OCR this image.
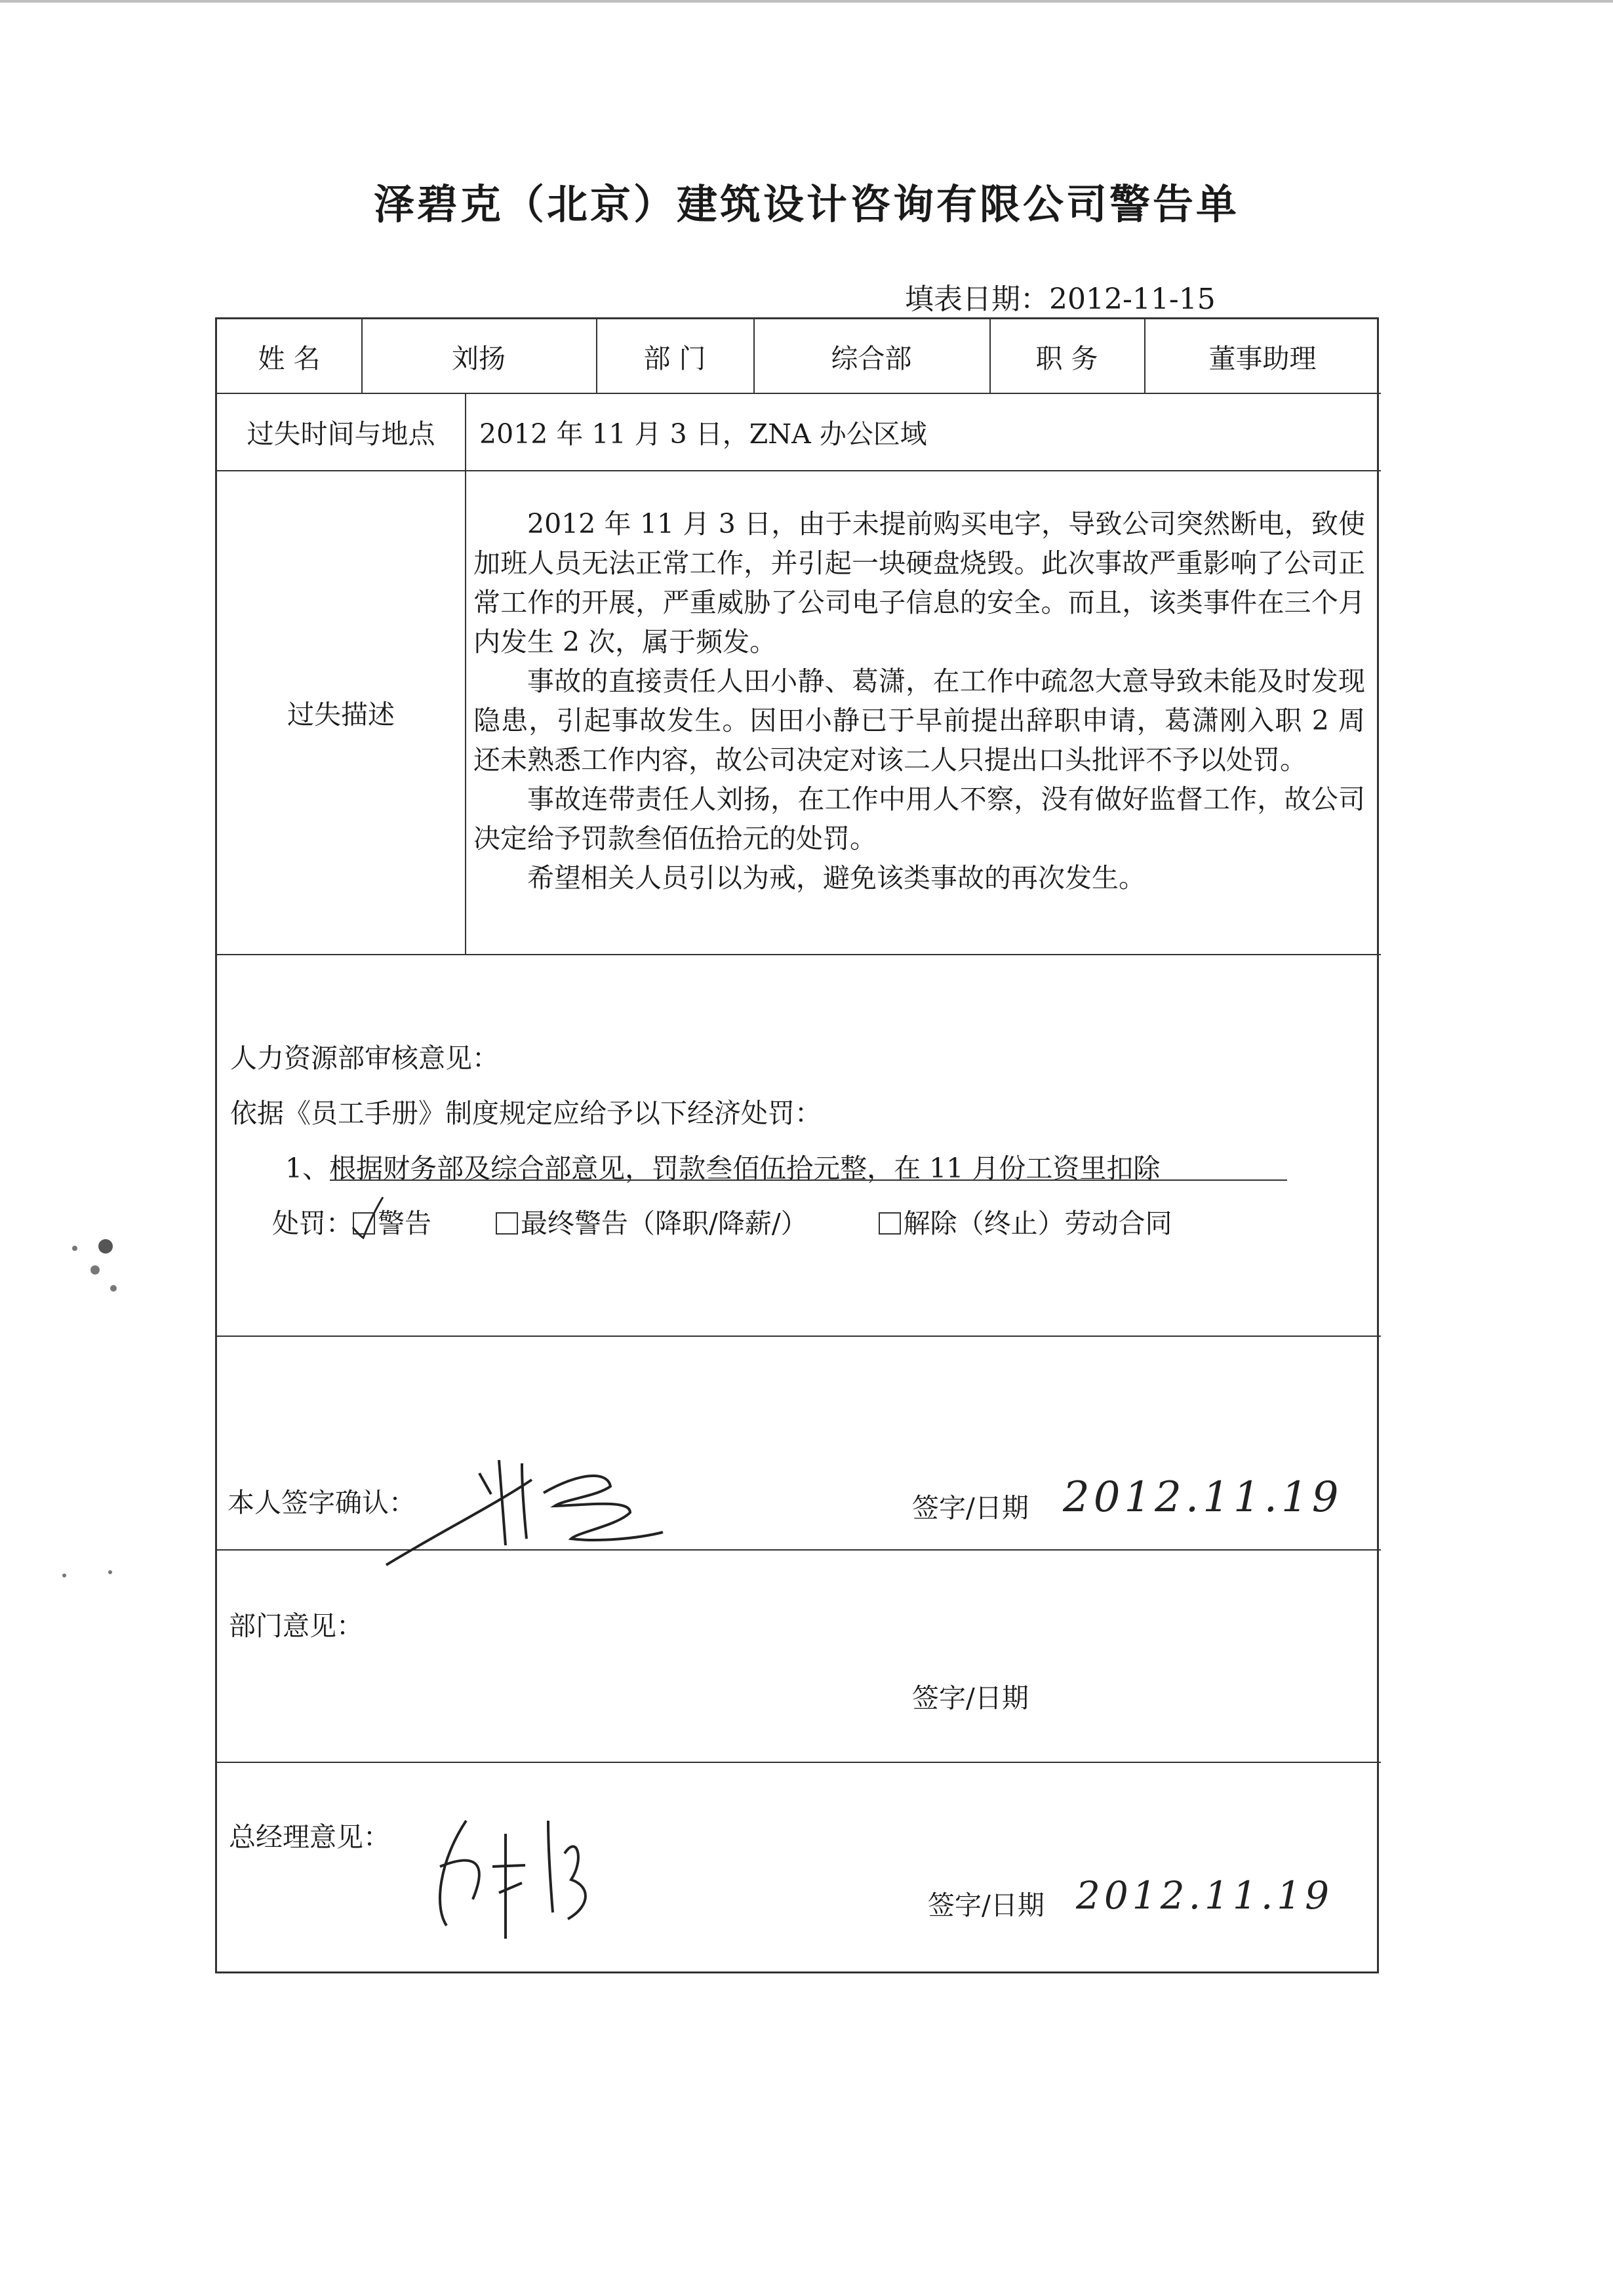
泽碧克（北京）建筑设计咨询有限公司警告单
填表日期：2012-11-15
姓 名	刘扬	部 门	综合部	职 务	董事助理
过失时间与地点	2012 年 11 月 3 日，ZNA 办公区域
过失描述

2012 年 11 月 3 日，由于未提前购买电字，导致公司突然断电，致使加班人员无法正常工作，并引起一块硬盘烧毁。此次事故严重影响了公司正常工作的开展，严重威胁了公司电子信息的安全。而且，该类事件在三个月内发生 2 次，属于频发。

事故的直接责任人田小静、葛潇，在工作中疏忽大意导致未能及时发现隐患，引起事故发生。因田小静已于早前提出辞职申请，葛潇刚入职 2 周还未熟悉工作内容，故公司决定对该二人只提出口头批评不予以处罚。

事故连带责任人刘扬，在工作中用人不察，没有做好监督工作，故公司决定给予罚款叁佰伍拾元的处罚。

希望相关人员引以为戒，避免该类事故的再次发生。

人力资源部审核意见：
依据《员工手册》制度规定应给予以下经济处罚：
1、根据财务部及综合部意见，罚款叁佰伍拾元整，在 11 月份工资里扣除
处罚： 警告	最终警告（降职/降薪/）	解除（终止）劳动合同
本人签字确认：	签字/日期 2012.11.19
部门意见：
签字/日期
总经理意见：
签字/日期 2012.11.19
